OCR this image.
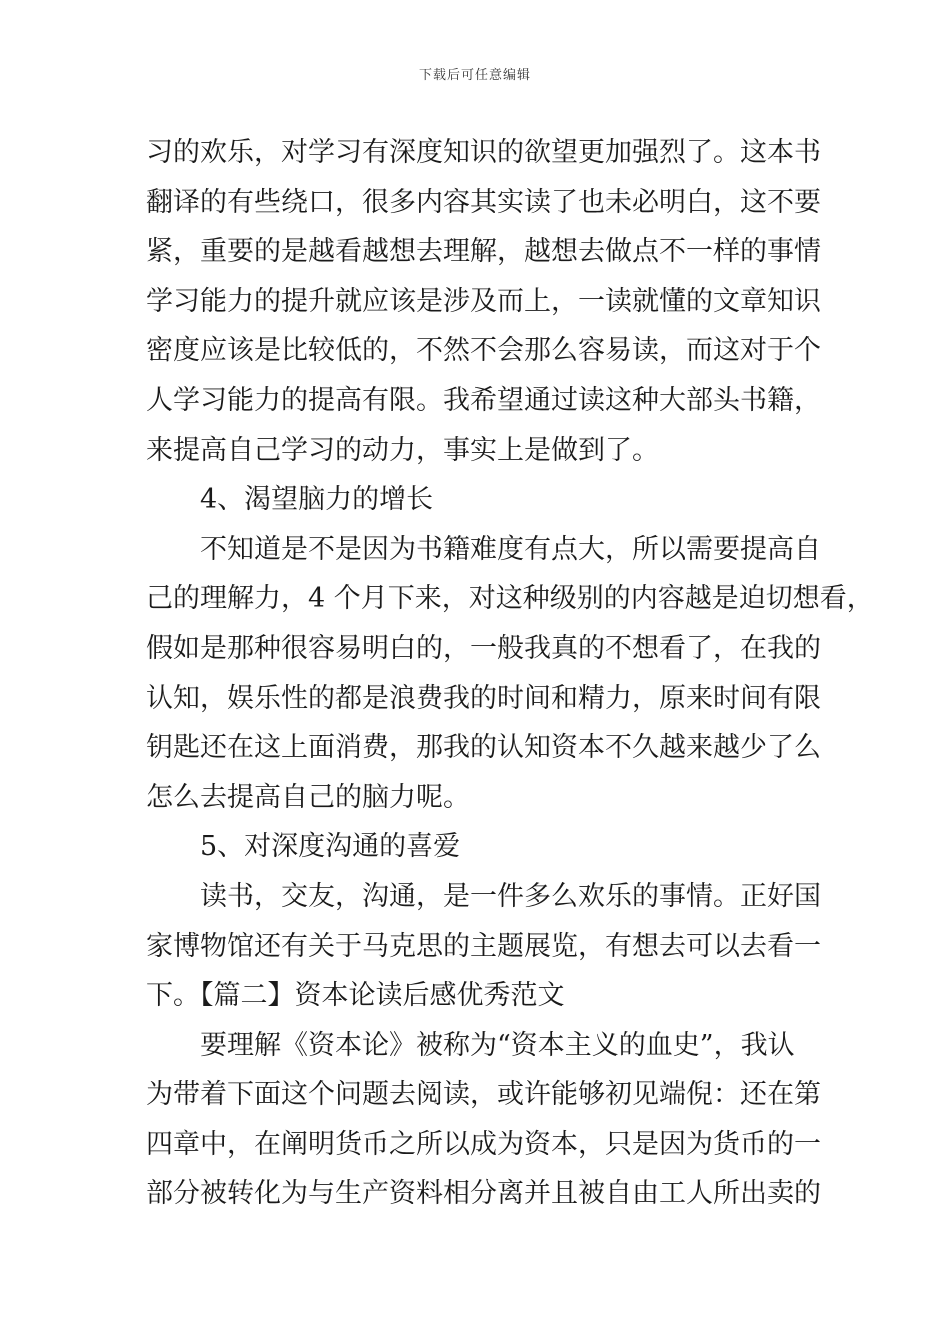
下载后可任意编辑
习的欢乐，对学习有深度知识的欲望更加强烈了。这本书
翻译的有些绕口，很多内容其实读了也未必明白，这不要
紧，重要的是越看越想去理解，越想去做点不一样的事情
学习能力的提升就应该是涉及而上，一读就懂的文章知识
密度应该是比较低的，不然不会那么容易读，而这对于个
人学习能力的提高有限。我希望通过读这种大部头书籍，
来提高自己学习的动力，事实上是做到了。
4、渴望脑力的增长
不知道是不是因为书籍难度有点大，所以需要提高自
己的理解力，4 个月下来，对这种级别的内容越是迫切想看，
假如是那种很容易明白的，一般我真的不想看了，在我的
认知，娱乐性的都是浪费我的时间和精力，原来时间有限
钥匙还在这上面消费，那我的认知资本不久越来越少了么
怎么去提高自己的脑力呢。
5、对深度沟通的喜爱
读书，交友，沟通，是一件多么欢乐的事情。正好国
家博物馆还有关于马克思的主题展览，有想去可以去看一
下。【篇二】资本论读后感优秀范文
要理解《资本论》被称为“资本主义的血史”，我认
为带着下面这个问题去阅读，或许能够初见端倪：还在第
四章中，在阐明货币之所以成为资本，只是因为货币的一
部分被转化为与生产资料相分离并且被自由工人所出卖的
